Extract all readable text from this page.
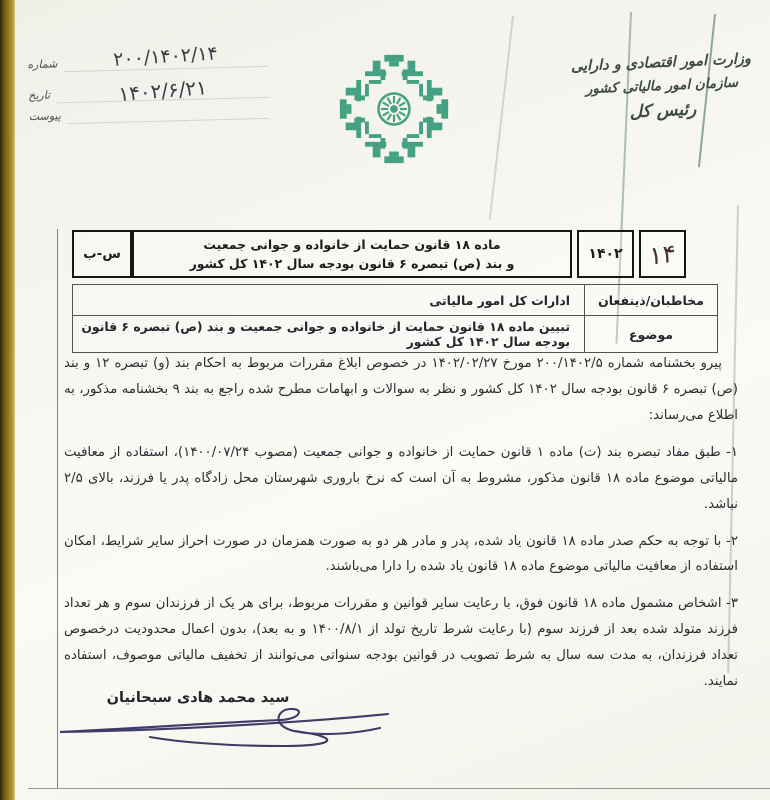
شماره	۲۰۰/۱۴۰۲/۱۴
تاریخ	۱۴۰۲/۶/۲۱
پیوست
وزارت امور اقتصادی و دارایی
سازمان امور مالیاتی کشور
رئیس کل
۱۴
۱۴۰۲
ماده ۱۸ قانون حمایت از خانواده و جوانی جمعیت
و بند (ص) تبصره ۶ قانون بودجه سال ۱۴۰۲ کل کشور
س-ب
مخاطبان/ذینفعان
ادارات کل امور مالیاتی
موضوع
تبیین ماده ۱۸ قانون حمایت از خانواده و جوانی جمعیت و بند (ص) تبصره ۶ قانون بودجه سال ۱۴۰۲ کل کشور

پیرو بخشنامه شماره ۲۰۰/۱۴۰۲/۵ مورخ ۱۴۰۲/۰۲/۲۷ در خصوص ابلاغ مقررات مربوط به احکام بند (و) تبصره ۱۲ و بند (ص) تبصره ۶ قانون بودجه سال ۱۴۰۲ کل کشور و نظر به سوالات و ابهامات مطرح شده راجع به بند ۹ بخشنامه مذکور، به اطلاع می‌رساند:

۱- طبق مفاد تبصره بند (ت) ماده ۱ قانون حمایت از خانواده و جوانی جمعیت (مصوب ۱۴۰۰/۰۷/۲۴)، استفاده از معافیت مالیاتی موضوع ماده ۱۸ قانون مذکور، مشروط به آن است که نرخ باروری شهرستان محل زادگاه پدر یا فرزند، بالای ۲/۵ نباشد.

۲- با توجه به حکم صدر ماده ۱۸ قانون یاد شده، پدر و مادر هر دو به صورت همزمان در صورت احراز سایر شرایط، امکان استفاده از معافیت مالیاتی موضوع ماده ۱۸ قانون یاد شده را دارا می‌باشند.

۳- اشخاص مشمول ماده ۱۸ قانون فوق، با رعایت سایر قوانین و مقررات مربوط، برای هر یک از فرزندان سوم و هر تعداد فرزند متولد شده بعد از فرزند سوم (با رعایت شرط تاریخ تولد از ۱۴۰۰/۸/۱ و به بعد)، بدون اعمال محدودیت درخصوص تعداد فرزندان، به مدت سه سال به شرط تصویب در قوانین بودجه سنواتی می‌توانند از تخفیف مالیاتی موصوف، استفاده نمایند.

سید محمد هادی سبحانیان
